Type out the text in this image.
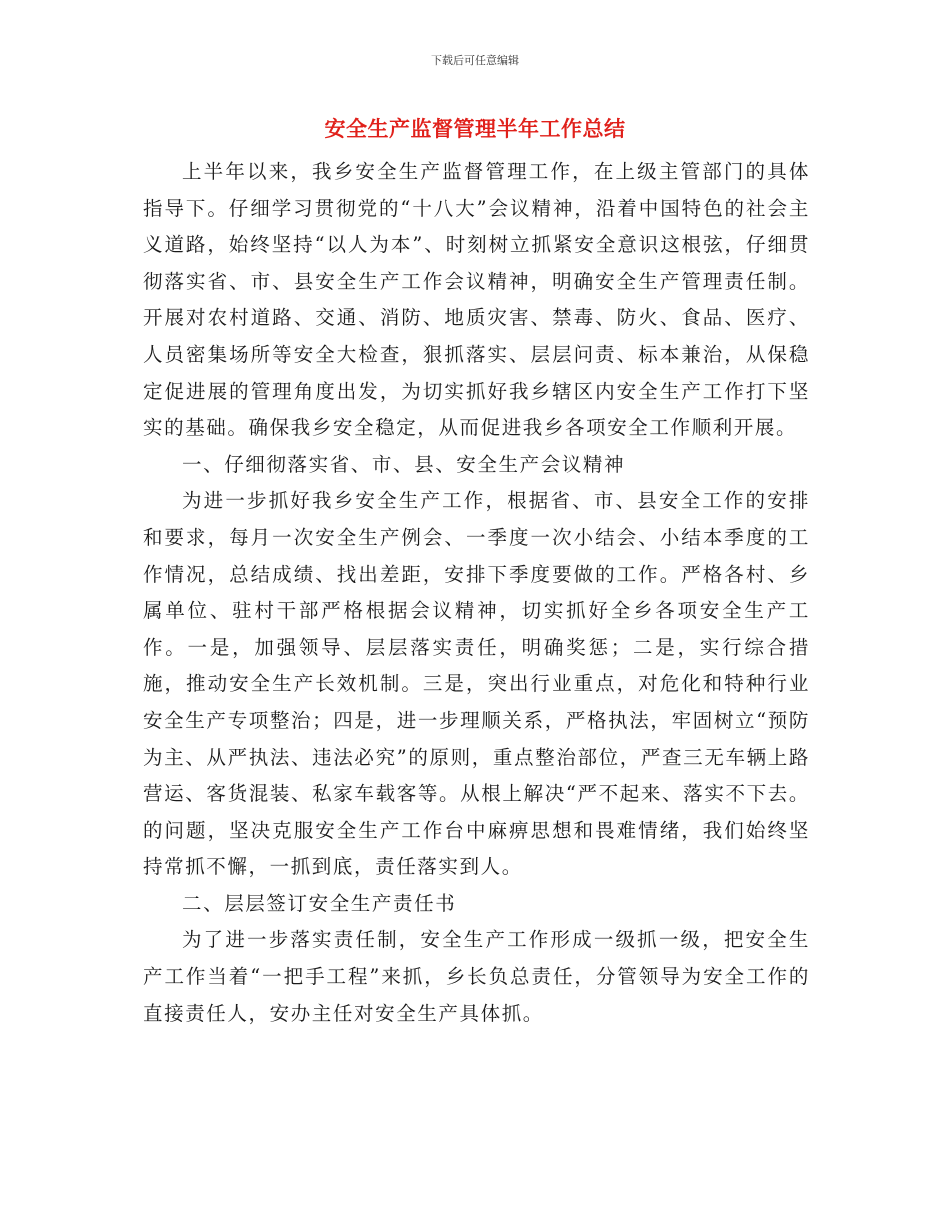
下载后可任意编辑
安全生产监督管理半年工作总结

上半年以来，我乡安全生产监督管理工作，在上级主管部门的具体指导下。仔细学习贯彻党的“十八大”会议精神，沿着中国特色的社会主义道路，始终坚持“以人为本”、时刻树立抓紧安全意识这根弦，仔细贯彻落实省、市、县安全生产工作会议精神，明确安全生产管理责任制。开展对农村道路、交通、消防、地质灾害、禁毒、防火、食品、医疗、人员密集场所等安全大检查，狠抓落实、层层问责、标本兼治，从保稳定促进展的管理角度出发，为切实抓好我乡辖区内安全生产工作打下坚实的基础。确保我乡安全稳定，从而促进我乡各项安全工作顺利开展。

一、仔细彻落实省、市、县、安全生产会议精神

为进一步抓好我乡安全生产工作，根据省、市、县安全工作的安排和要求，每月一次安全生产例会、一季度一次小结会、小结本季度的工作情况，总结成绩、找出差距，安排下季度要做的工作。严格各村、乡属单位、驻村干部严格根据会议精神，切实抓好全乡各项安全生产工作。一是，加强领导、层层落实责任，明确奖惩；二是，实行综合措施，推动安全生产长效机制。三是，突出行业重点，对危化和特种行业安全生产专项整治；四是，进一步理顺关系，严格执法，牢固树立“预防为主、从严执法、违法必究”的原则，重点整治部位，严查三无车辆上路营运、客货混装、私家车载客等。从根上解决“严不起来、落实不下去。的问题，坚决克服安全生产工作台中麻痹思想和畏难情绪，我们始终坚持常抓不懈，一抓到底，责任落实到人。

二、层层签订安全生产责任书

为了进一步落实责任制，安全生产工作形成一级抓一级，把安全生产工作当着“一把手工程”来抓，乡长负总责任，分管领导为安全工作的直接责任人，安办主任对安全生产具体抓。
